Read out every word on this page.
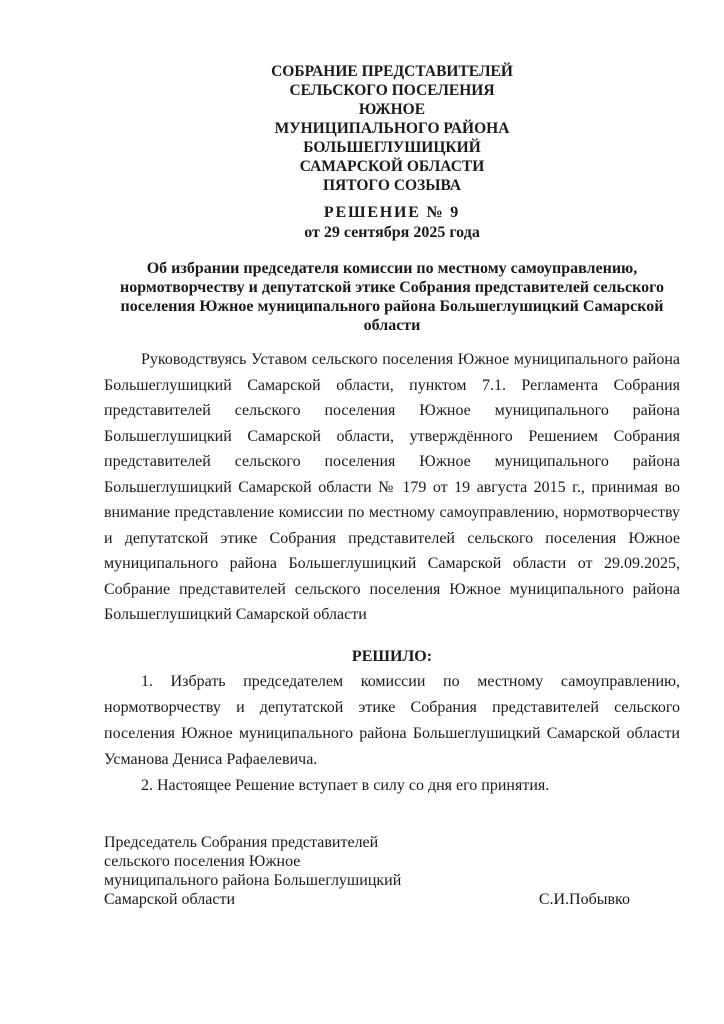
СОБРАНИЕ ПРЕДСТАВИТЕЛЕЙ
СЕЛЬСКОГО ПОСЕЛЕНИЯ
ЮЖНОЕ
МУНИЦИПАЛЬНОГО РАЙОНА
БОЛЬШЕГЛУШИЦКИЙ
САМАРСКОЙ ОБЛАСТИ
ПЯТОГО СОЗЫВА
РЕШЕНИЕ № 9
от 29 сентября 2025 года
Об избрании председателя комиссии по местному самоуправлению, нормотворчеству и депутатской этике Собрания представителей сельского поселения Южное муниципального района Большеглушицкий Самарской области

Руководствуясь Уставом сельского поселения Южное муниципального района Большеглушицкий Самарской области, пунктом 7.1. Регламента Собрания представителей сельского поселения Южное муниципального района Большеглушицкий Самарской области, утверждённого Решением Собрания представителей сельского поселения Южное муниципального района Большеглушицкий Самарской области № 179 от 19 августа 2015 г., принимая во внимание представление комиссии по местному самоуправлению, нормотворчеству и депутатской этике Собрания представителей сельского поселения Южное муниципального района Большеглушицкий Самарской области от 29.09.2025, Собрание представителей сельского поселения Южное муниципального района Большеглушицкий Самарской области

РЕШИЛО:

1. Избрать председателем комиссии по местному самоуправлению, нормотворчеству и депутатской этике Собрания представителей сельского поселения Южное муниципального района Большеглушицкий Самарской области Усманова Дениса Рафаелевича.

2. Настоящее Решение вступает в силу со дня его принятия.

Председатель Собрания представителей
сельского поселения Южное
муниципального района Большеглушицкий
Самарской области	С.И.Побывко
